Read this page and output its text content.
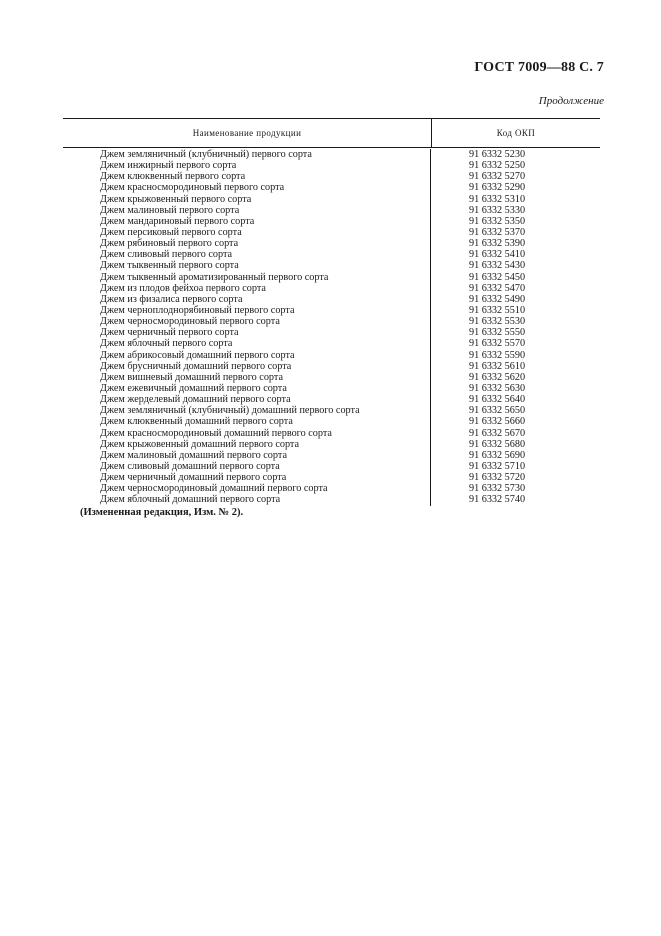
ГОСТ 7009—88 С. 7
Продолжение
Наименование продукции	Код ОКП
Джем земляничный (клубничный) первого сорта	91 6332 5230
Джем инжирный первого сорта	91 6332 5250
Джем клюквенный первого сорта	91 6332 5270
Джем красносмородиновый первого сорта	91 6332 5290
Джем крыжовенный первого сорта	91 6332 5310
Джем малиновый первого сорта	91 6332 5330
Джем мандариновый первого сорта	91 6332 5350
Джем персиковый первого сорта	91 6332 5370
Джем рябиновый первого сорта	91 6332 5390
Джем сливовый первого сорта	91 6332 5410
Джем тыквенный первого сорта	91 6332 5430
Джем тыквенный ароматизированный первого сорта	91 6332 5450
Джем из плодов фейхоа первого сорта	91 6332 5470
Джем из физалиса первого сорта	91 6332 5490
Джем черноплоднорябиновый первого сорта	91 6332 5510
Джем черносмородиновый первого сорта	91 6332 5530
Джем черничный первого сорта	91 6332 5550
Джем яблочный первого сорта	91 6332 5570
Джем абрикосовый домашний первого сорта	91 6332 5590
Джем брусничный домашний первого сорта	91 6332 5610
Джем вишневый домашний первого сорта	91 6332 5620
Джем ежевичный домашний первого сорта	91 6332 5630
Джем жерделевый домашний первого сорта	91 6332 5640
Джем земляничный (клубничный) домашний первого сорта	91 6332 5650
Джем клюквенный домашний первого сорта	91 6332 5660
Джем красносмородиновый домашний первого сорта	91 6332 5670
Джем крыжовенный домашний первого сорта	91 6332 5680
Джем малиновый домашний первого сорта	91 6332 5690
Джем сливовый домашний первого сорта	91 6332 5710
Джем черничный домашний первого сорта	91 6332 5720
Джем черносмородиновый домашний первого сорта	91 6332 5730
Джем яблочный домашний первого сорта	91 6332 5740
(Измененная редакция, Изм. № 2).
